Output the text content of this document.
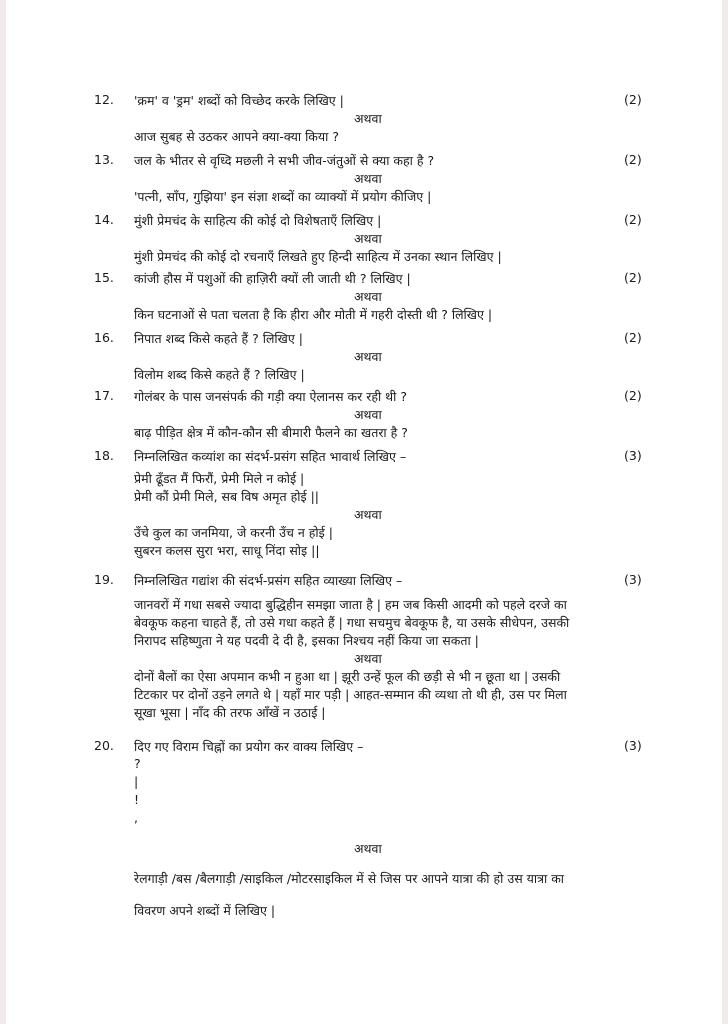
12. 'क्रम' व 'ड्रम' शब्दों को विच्छेद करके लिखिए |	(2)
अथवा
आज सुबह से उठकर आपने क्या-क्या किया ?
13. जल के भीतर से वृध्दि मछली ने सभी जीव-जंतुओं से क्या कहा है ?	(2)
अथवा
'पत्नी, साँप, गुझिया' इन संज्ञा शब्दों का व्याक्यों में प्रयोग कीजिए |
14. मुंशी प्रेमचंद के साहित्य की कोई दो विशेषताएँ लिखिए |	(2)
अथवा
मुंशी प्रेमचंद की कोई दो रचनाएँ लिखते हुए हिन्दी साहित्य में उनका स्थान लिखिए |
15. कांजी हौस में पशुओं की हाज़िरी क्यों ली जाती थी ? लिखिए |	(2)
अथवा
किन घटनाओं से पता चलता है कि हीरा और मोती में गहरी दोस्ती थी ? लिखिए |
16. निपात शब्द किसे कहते हैं ? लिखिए |	(2)
अथवा
विलोम शब्द किसे कहते हैं ? लिखिए |
17. गोलंबर के पास जनसंपर्क की गड़ी क्या ऐलानस कर रही थी ?	(2)
अथवा
बाढ़ पीड़ित क्षेत्र में कौन-कौन सी बीमारी फैलने का खतरा है ?
18. निम्नलिखित कव्यांश का संदर्भ-प्रसंग सहित भावार्थ लिखिए –	(3)
प्रेमी ढूँडत मैं फिरौं, प्रेमी मिले न कोई |
प्रेमी कौं प्रेमी मिले, सब विष अमृत होई ||
अथवा
उँचे कुल का जनमिया, जे करनी उँच न होई |
सुबरन कलस सुरा भरा, साधू निंदा सोइ ||
19. निम्नलिखित गद्यांश की संदर्भ-प्रसंग सहित व्याख्या लिखिए –	(3)
जानवरों में गधा सबसे ज्यादा बुद्धिहीन समझा जाता है | हम जब किसी आदमी को पहले दरजे का
बेवकूफ कहना चाहते हैं, तो उसे गधा कहते हैं | गधा सचमुच बेवकूफ है, या उसके सीधेपन, उसकी
निरापद सहिष्णुता ने यह पदवी दे दी है, इसका निश्चय नहीं किया जा सकता |
अथवा
दोनों बैलों का ऐसा अपमान कभी न हुआ था | झूरी उन्हें फूल की छड़ी से भी न छूता था | उसकी
टिटकार पर दोनों उड़ने लगते थे | यहाँ मार पड़ी | आहत-सम्मान की व्यथा तो थी ही, उस पर मिला
सूखा भूसा | नाँद की तरफ आँखें न उठाई |
20. दिए गए विराम चिह्नों का प्रयोग कर वाक्य लिखिए –	(3)
?
|
!
,
अथवा
रेलगाड़ी /बस /बैलगाड़ी /साइकिल /मोटरसाइकिल में से जिस पर आपने यात्रा की हो उस यात्रा का
विवरण अपने शब्दों में लिखिए |
